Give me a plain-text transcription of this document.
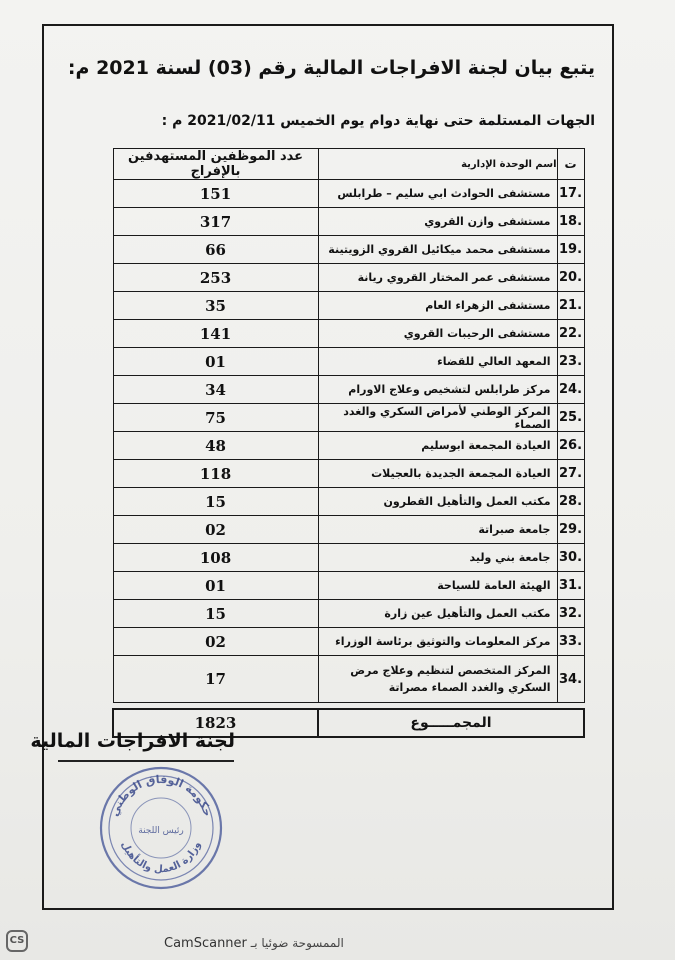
يتبع بيان لجنة الافراجات المالية رقم (03) لسنة 2021 م:
الجهات المستلمة حتى نهاية دوام يوم الخميس 2021/02/11 م :
ت	اسم الوحدة الإدارية	عدد الموظفين المستهدفين بالإفراج
17.	مستشفى الحوادث ابي سليم – طرابلس	151
18.	مستشفى وازن القروي	317
19.	مستشفى محمد ميكائيل القروي الزويتينة	66
20.	مستشفى عمر المختار القروي ريانة	253
21.	مستشفى الزهراء العام	35
22.	مستشفى الرحيبات القروي	141
23.	المعهد العالي للقضاء	01
24.	مركز طرابلس لتشخيص وعلاج الاورام	34
25.	المركز الوطني لأمراض السكري والغدد الصماء	75
26.	العيادة المجمعة ابوسليم	48
27.	العيادة المجمعة الجديدة بالعجيلات	118
28.	مكتب العمل والتأهيل القطرون	15
29.	جامعة صبراتة	02
30.	جامعة بني وليد	108
31.	الهيئة العامة للسياحة	01
32.	مكتب العمل والتأهيل عين زارة	15
33.	مركز المعلومات والتوثيق برئاسة الوزراء	02
34.	المركز المتخصص لتنظيم وعلاج مرض
السكري والغدد الصماء مصراتة	17

المجمـــــوع		1823
لجنة الافراجات المالية
حكومة الوفاق الوطني
وزارة العمل والتأهيل
رئيس اللجنة
CS	الممسوحة ضوئيا بـ CamScanner
